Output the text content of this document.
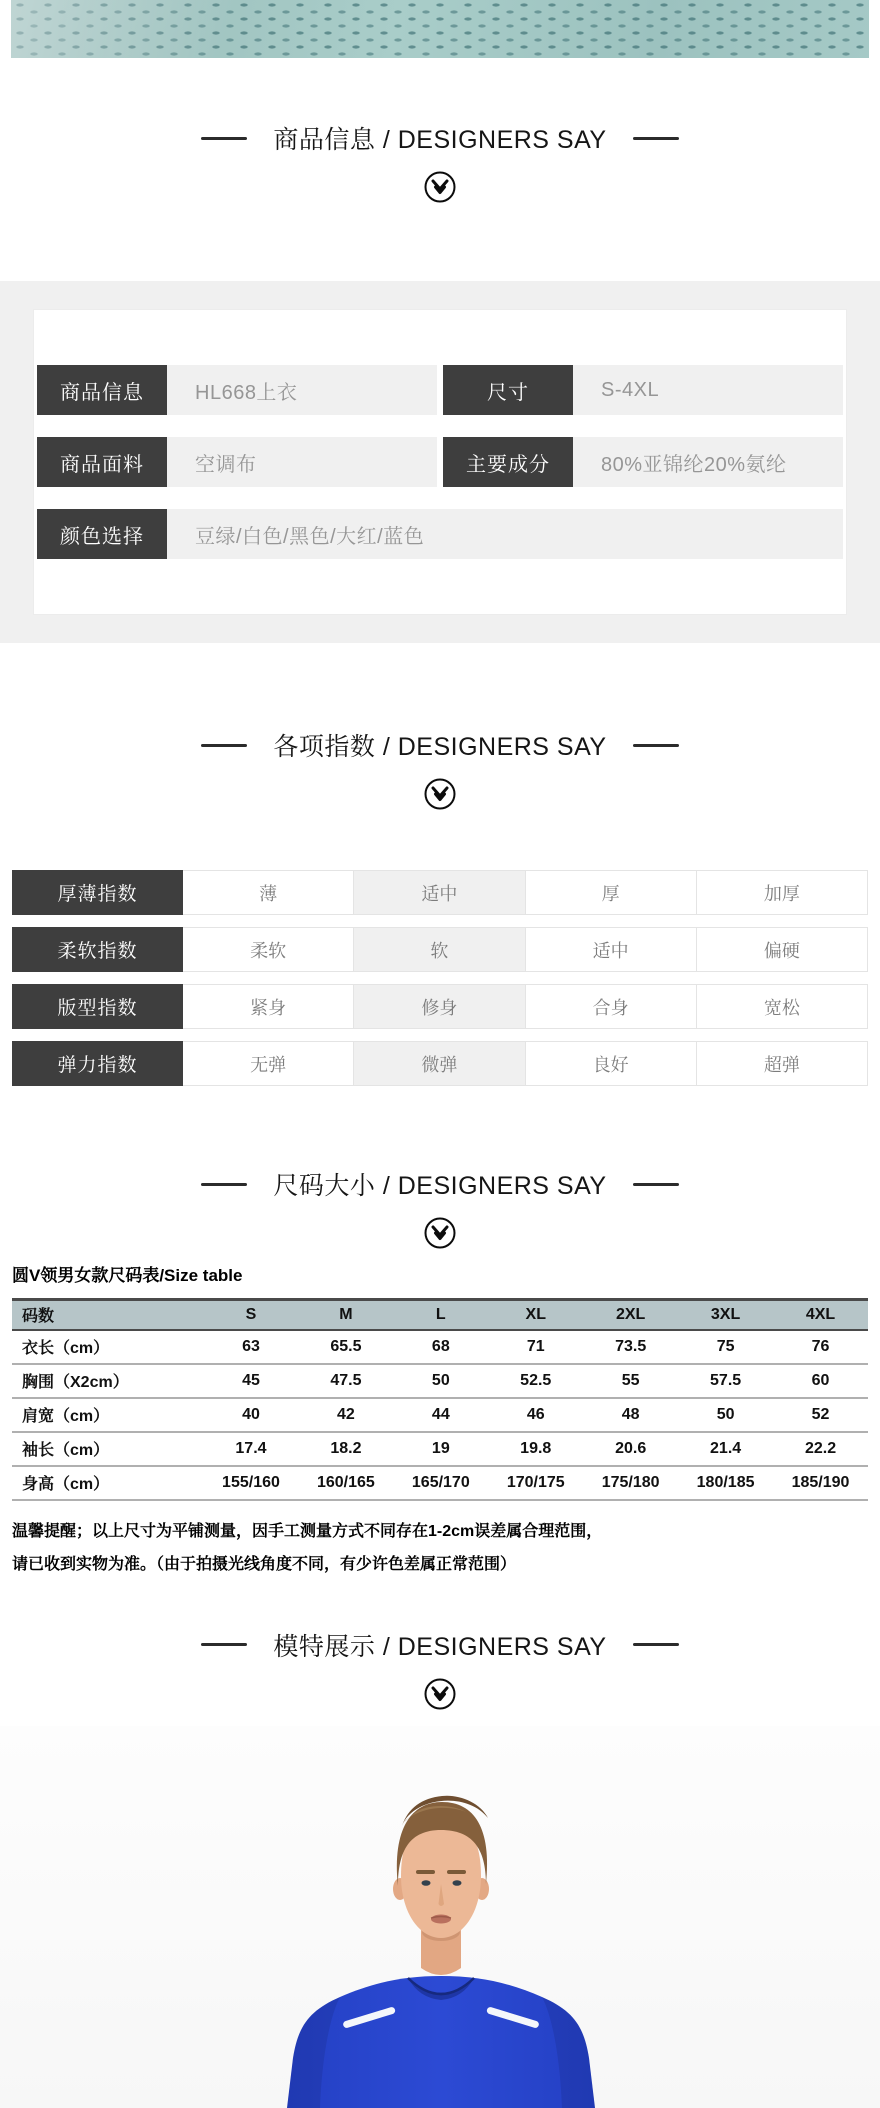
商品信息 / DESIGNERS SAY
商品信息	HL668上衣	尺寸	S-4XL
商品面料	空调布	主要成分	80%亚锦纶20%氨纶
颜色选择	豆绿/白色/黑色/大红/蓝色
各项指数 / DESIGNERS SAY
厚薄指数	薄	适中	厚	加厚
柔软指数	柔软	软	适中	偏硬
版型指数	紧身	修身	合身	宽松
弹力指数	无弹	微弹	良好	超弹
尺码大小 / DESIGNERS SAY

圆V领男女款尺码表/Size table

码数	S	M	L	XL	2XL	3XL	4XL
衣长（cm）	63	65.5	68	71	73.5	75	76
胸围（X2cm）	45	47.5	50	52.5	55	57.5	60
肩宽（cm）	40	42	44	46	48	50	52
袖长（cm）	17.4	18.2	19	19.8	20.6	21.4	22.2
身高（cm）	155/160	160/165	165/170	170/175	175/180	180/185	185/190

温馨提醒；以上尺寸为平铺测量，因手工测量方式不同存在1-2cm误差属合理范围，

请已收到实物为准。（由于拍摄光线角度不同，有少许色差属正常范围）

模特展示 / DESIGNERS SAY
